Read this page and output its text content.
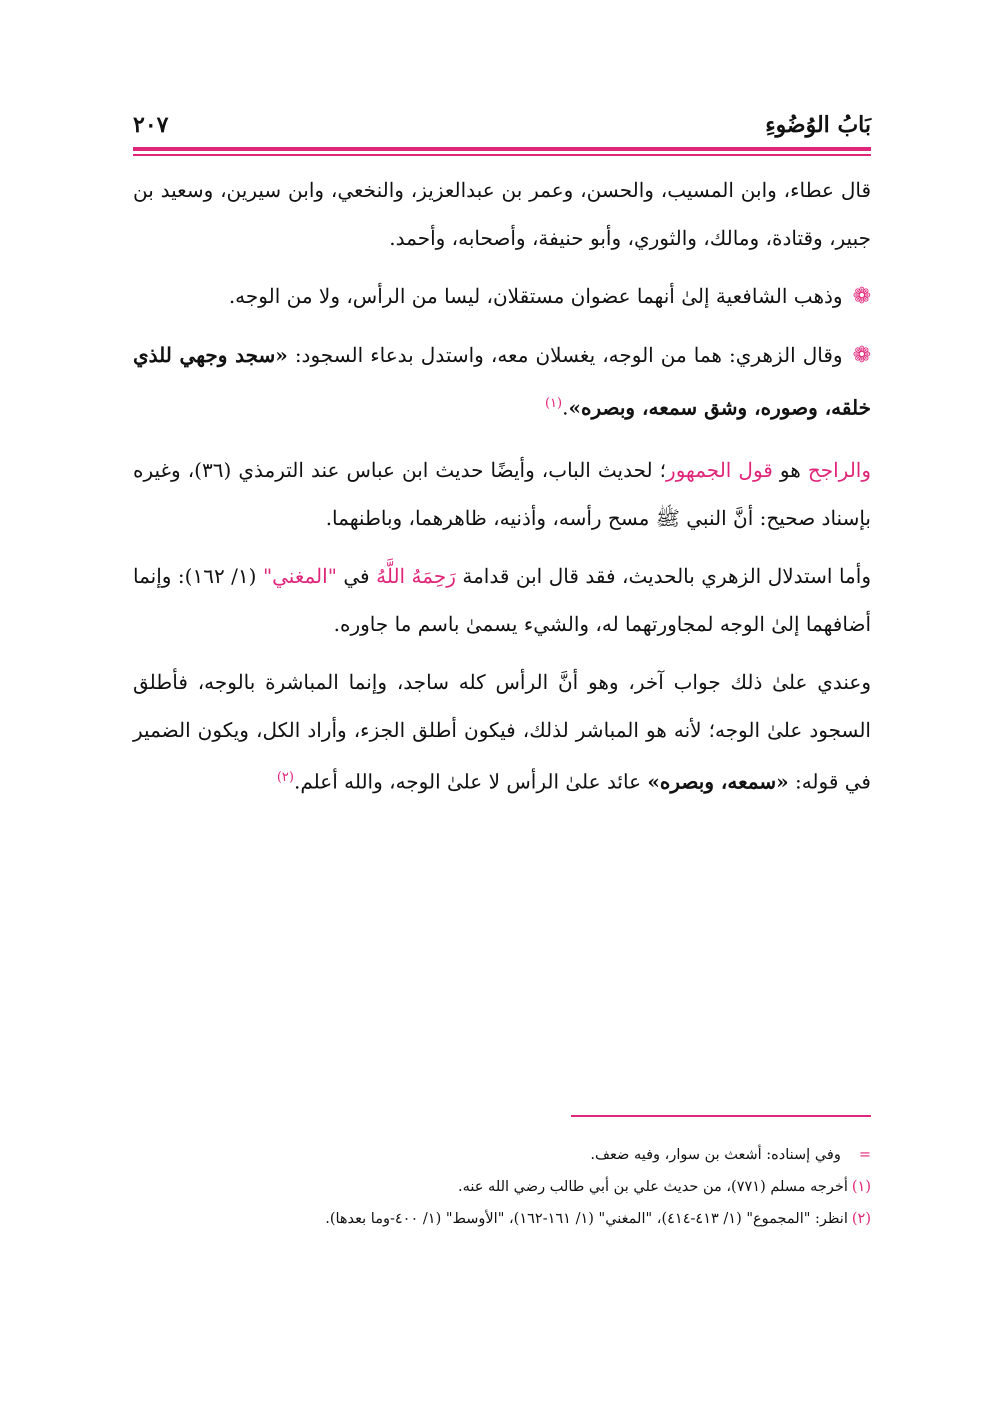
بَابُ الوُضُوءِ
٢٠٧

قال عطاء، وابن المسيب، والحسن، وعمر بن عبدالعزيز، والنخعي، وابن سيرين، وسعيد بن جبير، وقتادة، ومالك، والثوري، وأبو حنيفة، وأصحابه، وأحمد.

❁وذهب الشافعية إلىٰ أنهما عضوان مستقلان، ليسا من الرأس، ولا من الوجه.

❁وقال الزهري: هما من الوجه، يغسلان معه، واستدل بدعاء السجود: «سجد وجهي للذي خلقه، وصوره، وشق سمعه، وبصره».$^{(١)}$

والراجح هو قول الجمهور؛ لحديث الباب، وأيضًا حديث ابن عباس عند الترمذي (٣٦)، وغيره بإسناد صحيح: أنَّ النبي ﷺ مسح رأسه، وأذنيه، ظاهرهما، وباطنهما.

وأما استدلال الزهري بالحديث، فقد قال ابن قدامة رَحِمَهُ اللَّهُ في "المغني" (١/ ١٦٢): وإنما أضافهما إلىٰ الوجه لمجاورتهما له، والشيء يسمىٰ باسم ما جاوره.

وعندي علىٰ ذلك جواب آخر، وهو أنَّ الرأس كله ساجد، وإنما المباشرة بالوجه، فأطلق السجود علىٰ الوجه؛ لأنه هو المباشر لذلك، فيكون أطلق الجزء، وأراد الكل، ويكون الضمير في قوله: «سمعه، وبصره» عائد علىٰ الرأس لا علىٰ الوجه، والله أعلم.$^{(٢)}$

=وفي إسناده: أشعث بن سوار، وفيه ضعف.

(١)أخرجه مسلم (٧٧١)، من حديث علي بن أبي طالب رضي الله عنه.

(٢)انظر: "المجموع" (١/ ٤١٣-٤١٤)، "المغني" (١/ ١٦١-١٦٢)، "الأوسط" (١/ ٤٠٠-وما بعدها).
